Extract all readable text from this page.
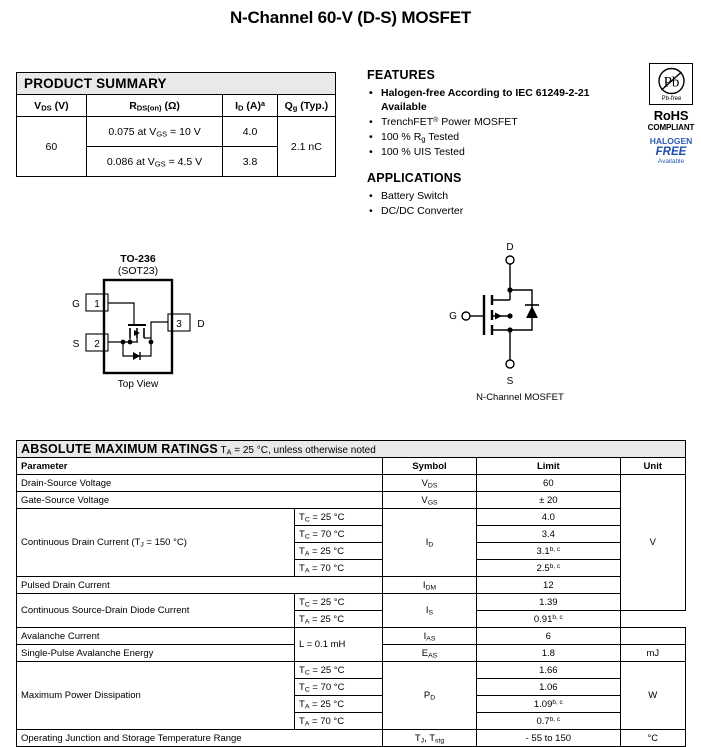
N-Channel 60-V (D-S) MOSFET
PRODUCT SUMMARY			
$V_{DS}$ (V)	$R_{DS(on)}$ (Ω)	$I_D$ $(A)^a$	$Q_g$ (Typ.)
60	0.075 at $V_{GS} = 10$ V	4.0	2.1 nC
	0.086 at $V_{GS} = 4.5$ V	3.8	
FEATURES
• Halogen-free According to IEC 61249-2-21 Available
• TrenchFET® Power MOSFET
• 100 % $R_g$ Tested
• 100 % UIS Tested
APPLICATIONS
• Battery Switch
• DC/DC Converter
Pb
Pb-free
RoHS
COMPLIANT
HALOGEN
FREE
Available
TO-236
(SOT23)
1
G
2
S
3 D
Top View
D
G
S
N-Channel MOSFET
ABSOLUTE MAXIMUM RATINGS $T_A = 25$ °C, unless otherwise noted				
Parameter		Symbol	Limit	Unit
Drain-Source Voltage		$V_{DS}$	60	V
Gate-Source Voltage		$V_{GS}$	± 20	
Continuous Drain Current ($T_J = 150$ °C)	$T_C = 25$ °C	$I_D$	4.0	
	$T_C = 70$ °C		3.4	
	$T_A = 25$ °C		3.1$^{b, c}$
	$T_A = 70$ °C		2.5$^{b, c}$
Pulsed Drain Current		$I_{DM}$	12	
Continuous Source-Drain Diode Current	$T_C = 25$ °C	$I_S$	1.39	
	$T_A = 25$ °C		0.91$^{b, c}$
Avalanche Current	L = 0.1 mH	$I_{AS}$	6	
Single-Pulse Avalanche Energy		$E_{AS}$	1.8	mJ
Maximum Power Dissipation	$T_C = 25$ °C	$P_D$	1.66	W
	$T_C = 70$ °C		1.06	
	$T_A = 25$ °C		1.09$^{b, c}$
	$T_A = 70$ °C		0.7$^{b, c}$
Operating Junction and Storage Temperature Range		$T_J$, $T_{stg}$	- 55 to 150	°C
